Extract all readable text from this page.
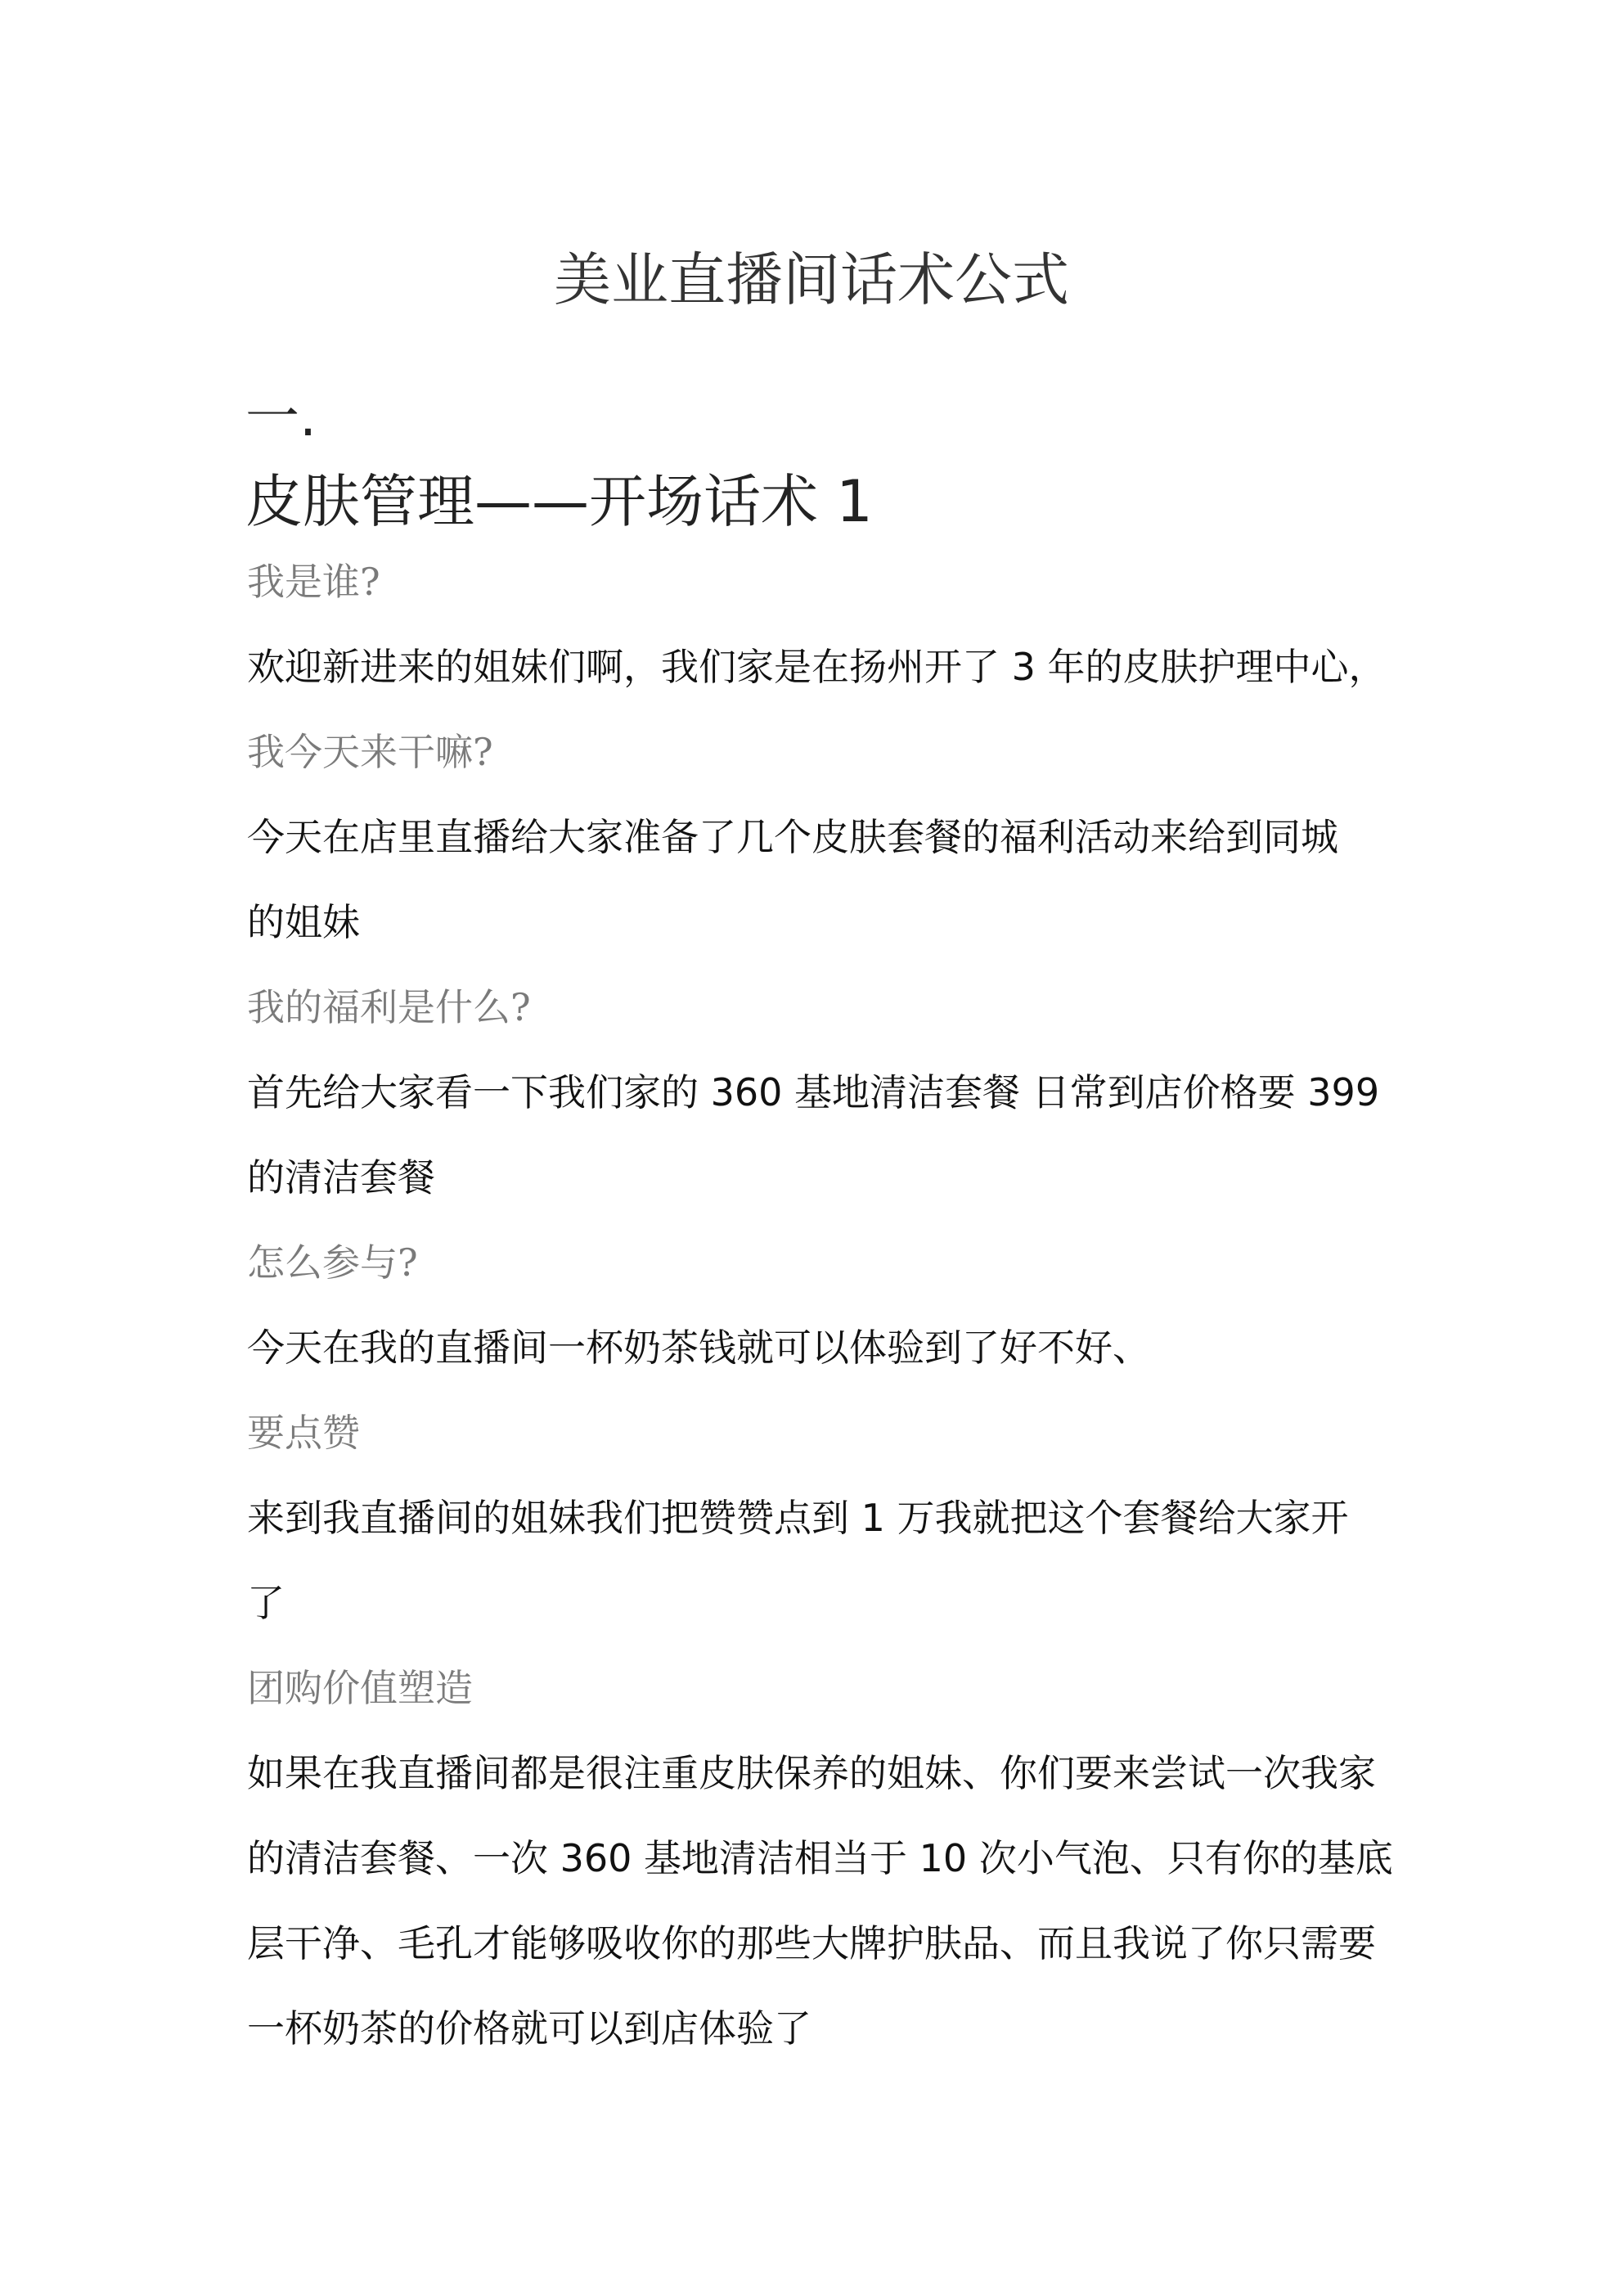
美业直播间话术公式
一.
皮肤管理——开场话术 1
我是谁?
欢迎新进来的姐妹们啊，我们家是在扬州开了 3 年的皮肤护理中心，
我今天来干嘛?
今天在店里直播给大家准备了几个皮肤套餐的福利活动来给到同城
的姐妹
我的福利是什么?
首先给大家看一下我们家的 360 基地清洁套餐 日常到店价格要 399
的清洁套餐
怎么参与?
今天在我的直播间一杯奶茶钱就可以体验到了好不好、
要点赞
来到我直播间的姐妹我们把赞赞点到 1 万我就把这个套餐给大家开
了
团购价值塑造
如果在我直播间都是很注重皮肤保养的姐妹、你们要来尝试一次我家
的清洁套餐、一次 360 基地清洁相当于 10 次小气泡、只有你的基底
层干净、毛孔才能够吸收你的那些大牌护肤品、而且我说了你只需要
一杯奶茶的价格就可以到店体验了
